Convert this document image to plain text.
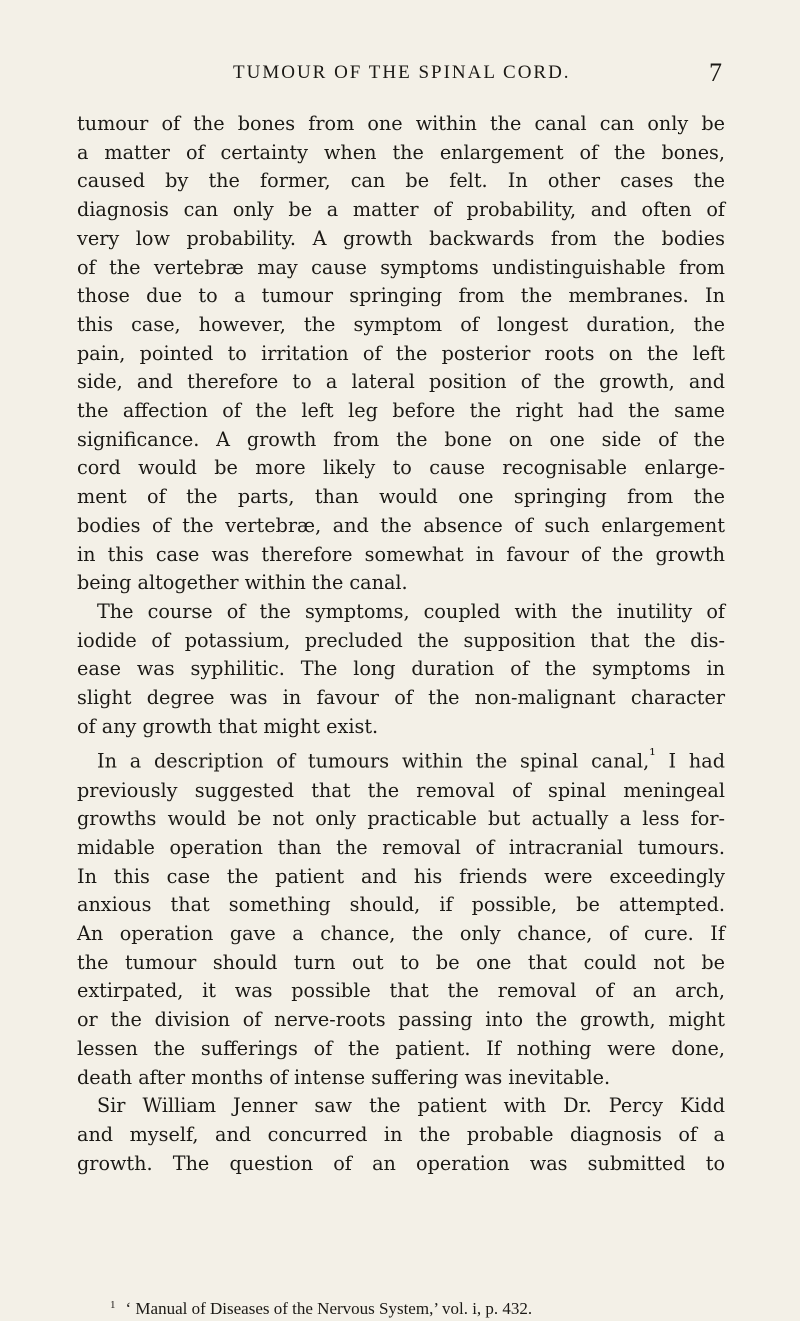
TUMOUR OF THE SPINAL CORD.	7
tumour of the bones from one within the canal can only be
a matter of certainty when the enlargement of the bones,
caused by the former, can be felt. In other cases the
diagnosis can only be a matter of probability, and often of
very low probability. A growth backwards from the bodies
of the vertebræ may cause symptoms undistinguishable from
those due to a tumour springing from the membranes. In
this case, however, the symptom of longest duration, the
pain, pointed to irritation of the posterior roots on the left
side, and therefore to a lateral position of the growth, and
the affection of the left leg before the right had the same
significance. A growth from the bone on one side of the
cord would be more likely to cause recognisable enlarge-
ment of the parts, than would one springing from the
bodies of the vertebræ, and the absence of such enlargement
in this case was therefore somewhat in favour of the growth
being altogether within the canal.
The course of the symptoms, coupled with the inutility of
iodide of potassium, precluded the supposition that the dis-
ease was syphilitic. The long duration of the symptoms in
slight degree was in favour of the non-malignant character
of any growth that might exist.
In a description of tumours within the spinal canal,$^{^1}$ I had
previously suggested that the removal of spinal meningeal
growths would be not only practicable but actually a less for-
midable operation than the removal of intracranial tumours.
In this case the patient and his friends were exceedingly
anxious that something should, if possible, be attempted.
An operation gave a chance, the only chance, of cure. If
the tumour should turn out to be one that could not be
extirpated, it was possible that the removal of an arch,
or the division of nerve-roots passing into the growth, might
lessen the sufferings of the patient. If nothing were done,
death after months of intense suffering was inevitable.
Sir William Jenner saw the patient with Dr. Percy Kidd
and myself, and concurred in the probable diagnosis of a
growth. The question of an operation was submitted to
$^1$ ‘ Manual of Diseases of the Nervous System,’ vol. i, p. 432.
